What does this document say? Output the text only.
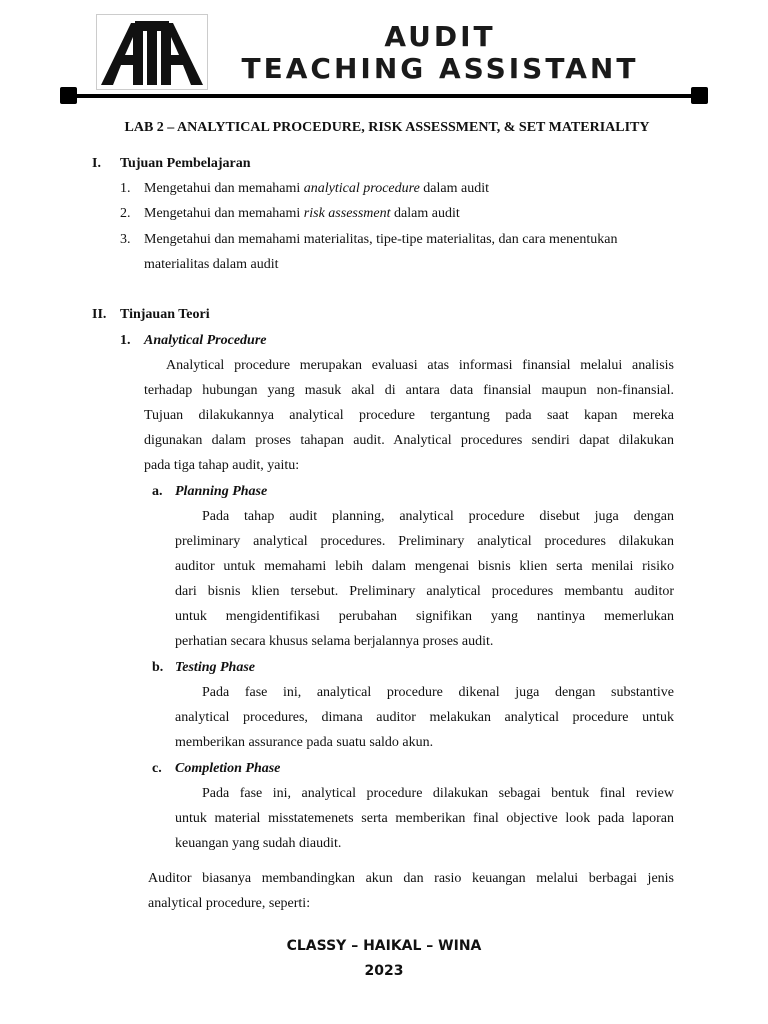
AUDIT
TEACHING ASSISTANT
LAB 2 – ANALYTICAL PROCEDURE, RISK ASSESSMENT, & SET MATERIALITY
I. Tujuan Pembelajaran
1. Mengetahui dan memahami analytical procedure dalam audit
2. Mengetahui dan memahami risk assessment dalam audit
3. Mengetahui dan memahami materialitas, tipe-tipe materialitas, dan cara menentukan
materialitas dalam audit
II. Tinjauan Teori
1. Analytical Procedure
Analytical procedure merupakan evaluasi atas informasi finansial melalui analisis
terhadap hubungan yang masuk akal di antara data finansial maupun non-finansial.
Tujuan dilakukannya analytical procedure tergantung pada saat kapan mereka
digunakan dalam proses tahapan audit. Analytical procedures sendiri dapat dilakukan
pada tiga tahap audit, yaitu:
a. Planning Phase
Pada tahap audit planning, analytical procedure disebut juga dengan
preliminary analytical procedures. Preliminary analytical procedures dilakukan
auditor untuk memahami lebih dalam mengenai bisnis klien serta menilai risiko
dari bisnis klien tersebut. Preliminary analytical procedures membantu auditor
untuk mengidentifikasi perubahan signifikan yang nantinya memerlukan
perhatian secara khusus selama berjalannya proses audit.
b. Testing Phase
Pada fase ini, analytical procedure dikenal juga dengan substantive
analytical procedures, dimana auditor melakukan analytical procedure untuk
memberikan assurance pada suatu saldo akun.
c. Completion Phase
Pada fase ini, analytical procedure dilakukan sebagai bentuk final review
untuk material misstatemenets serta memberikan final objective look pada laporan
keuangan yang sudah diaudit.
Auditor biasanya membandingkan akun dan rasio keuangan melalui berbagai jenis
analytical procedure, seperti:
CLASSY – HAIKAL – WINA
2023
